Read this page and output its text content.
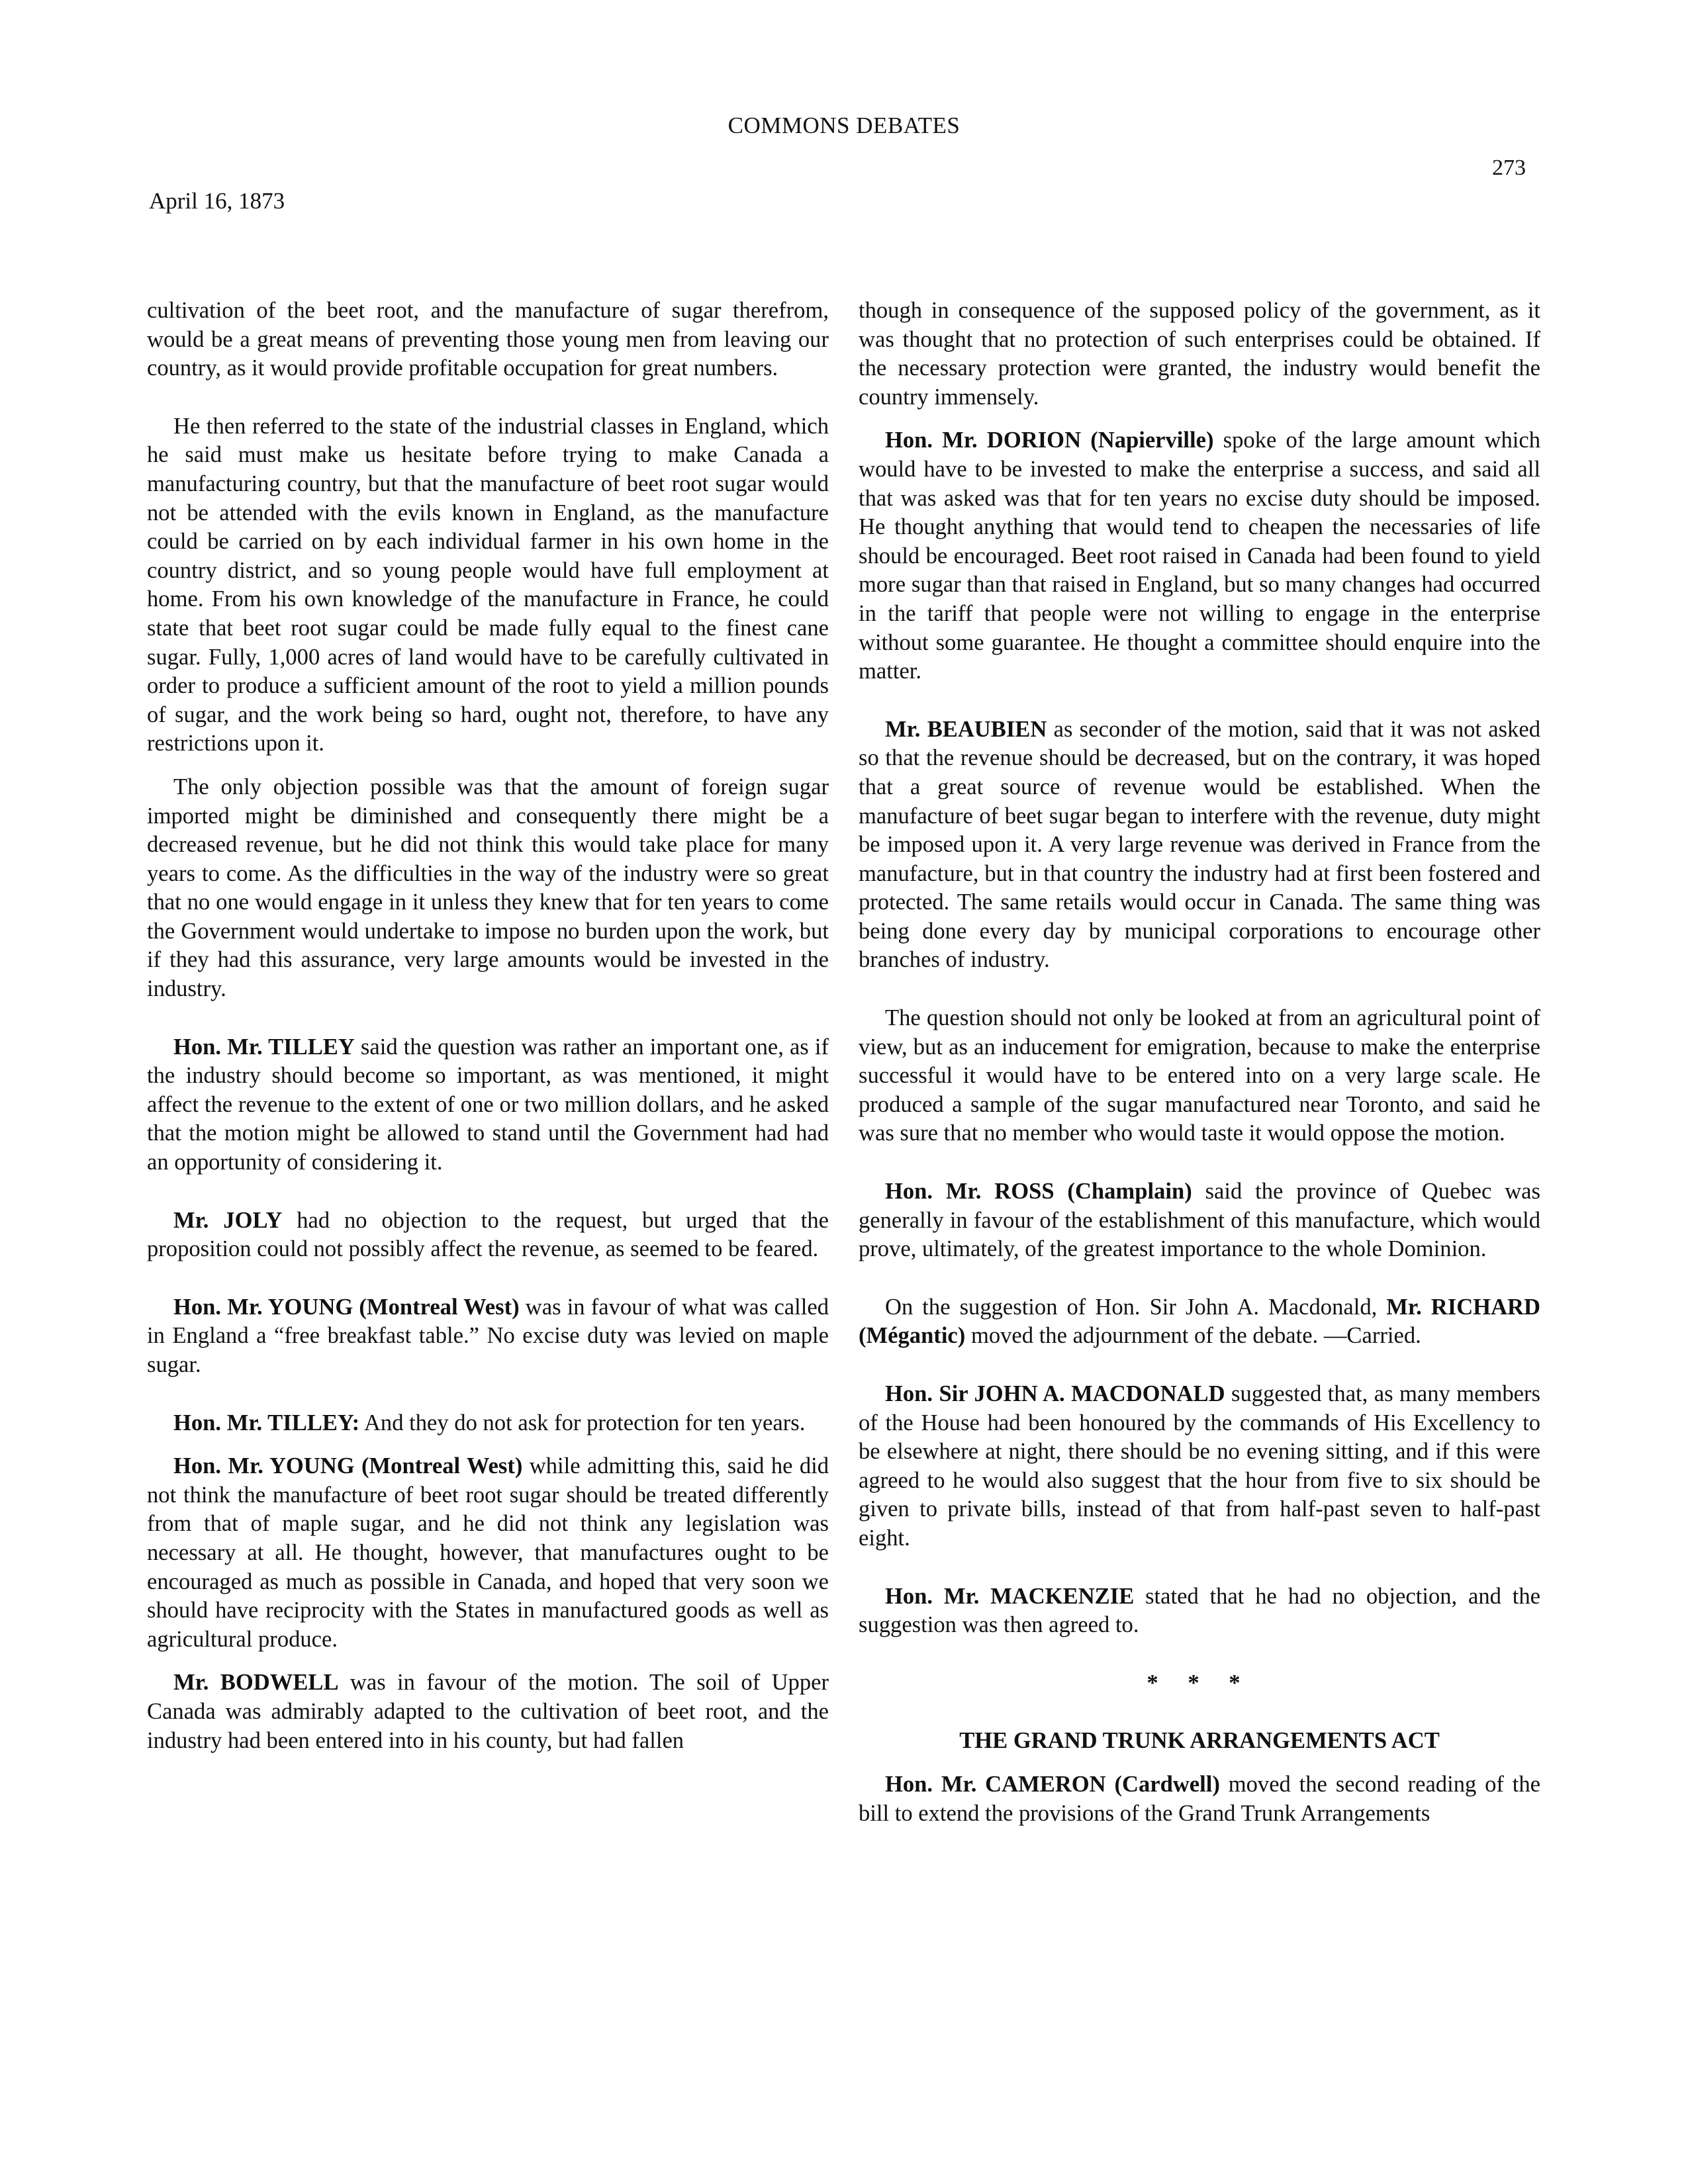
COMMONS DEBATES
273
April 16, 1873

cultivation of the beet root, and the manufacture of sugar therefrom, would be a great means of preventing those young men from leaving our country, as it would provide profitable occupation for great numbers.

He then referred to the state of the industrial classes in England, which he said must make us hesitate before trying to make Canada a manufacturing country, but that the manufacture of beet root sugar would not be attended with the evils known in England, as the manufacture could be carried on by each individual farmer in his own home in the country district, and so young people would have full employment at home. From his own knowledge of the manufacture in France, he could state that beet root sugar could be made fully equal to the finest cane sugar. Fully, 1,000 acres of land would have to be carefully cultivated in order to produce a sufficient amount of the root to yield a million pounds of sugar, and the work being so hard, ought not, therefore, to have any restrictions upon it.

The only objection possible was that the amount of foreign sugar imported might be diminished and consequently there might be a decreased revenue, but he did not think this would take place for many years to come. As the difficulties in the way of the industry were so great that no one would engage in it unless they knew that for ten years to come the Government would undertake to impose no burden upon the work, but if they had this assurance, very large amounts would be invested in the industry.

Hon. Mr. TILLEY said the question was rather an important one, as if the industry should become so important, as was mentioned, it might affect the revenue to the extent of one or two million dollars, and he asked that the motion might be allowed to stand until the Government had had an opportunity of considering it.

Mr. JOLY had no objection to the request, but urged that the proposition could not possibly affect the revenue, as seemed to be feared.

Hon. Mr. YOUNG (Montreal West) was in favour of what was called in England a “free breakfast table.” No excise duty was levied on maple sugar.

Hon. Mr. TILLEY: And they do not ask for protection for ten years.

Hon. Mr. YOUNG (Montreal West) while admitting this, said he did not think the manufacture of beet root sugar should be treated differently from that of maple sugar, and he did not think any legislation was necessary at all. He thought, however, that manufactures ought to be encouraged as much as possible in Canada, and hoped that very soon we should have reciprocity with the States in manufactured goods as well as agricultural produce.

Mr. BODWELL was in favour of the motion. The soil of Upper Canada was admirably adapted to the cultivation of beet root, and the industry had been entered into in his county, but had fallen

though in consequence of the supposed policy of the government, as it was thought that no protection of such enterprises could be obtained. If the necessary protection were granted, the industry would benefit the country immensely.

Hon. Mr. DORION (Napierville) spoke of the large amount which would have to be invested to make the enterprise a success, and said all that was asked was that for ten years no excise duty should be imposed. He thought anything that would tend to cheapen the necessaries of life should be encouraged. Beet root raised in Canada had been found to yield more sugar than that raised in England, but so many changes had occurred in the tariff that people were not willing to engage in the enterprise without some guarantee. He thought a committee should enquire into the matter.

Mr. BEAUBIEN as seconder of the motion, said that it was not asked so that the revenue should be decreased, but on the contrary, it was hoped that a great source of revenue would be established. When the manufacture of beet sugar began to interfere with the revenue, duty might be imposed upon it. A very large revenue was derived in France from the manufacture, but in that country the industry had at first been fostered and protected. The same retails would occur in Canada. The same thing was being done every day by municipal corporations to encourage other branches of industry.

The question should not only be looked at from an agricultural point of view, but as an inducement for emigration, because to make the enterprise successful it would have to be entered into on a very large scale. He produced a sample of the sugar manufactured near Toronto, and said he was sure that no member who would taste it would oppose the motion.

Hon. Mr. ROSS (Champlain) said the province of Quebec was generally in favour of the establishment of this manufacture, which would prove, ultimately, of the greatest importance to the whole Dominion.

On the suggestion of Hon. Sir John A. Macdonald, Mr. RICHARD (Mégantic) moved the adjournment of the debate. —Carried.

Hon. Sir JOHN A. MACDONALD suggested that, as many members of the House had been honoured by the commands of His Excellency to be elsewhere at night, there should be no evening sitting, and if this were agreed to he would also suggest that the hour from five to six should be given to private bills, instead of that from half-past seven to half-past eight.

Hon. Mr. MACKENZIE stated that he had no objection, and the suggestion was then agreed to.

* * *
THE GRAND TRUNK ARRANGEMENTS ACT

Hon. Mr. CAMERON (Cardwell) moved the second reading of the bill to extend the provisions of the Grand Trunk Arrangements
